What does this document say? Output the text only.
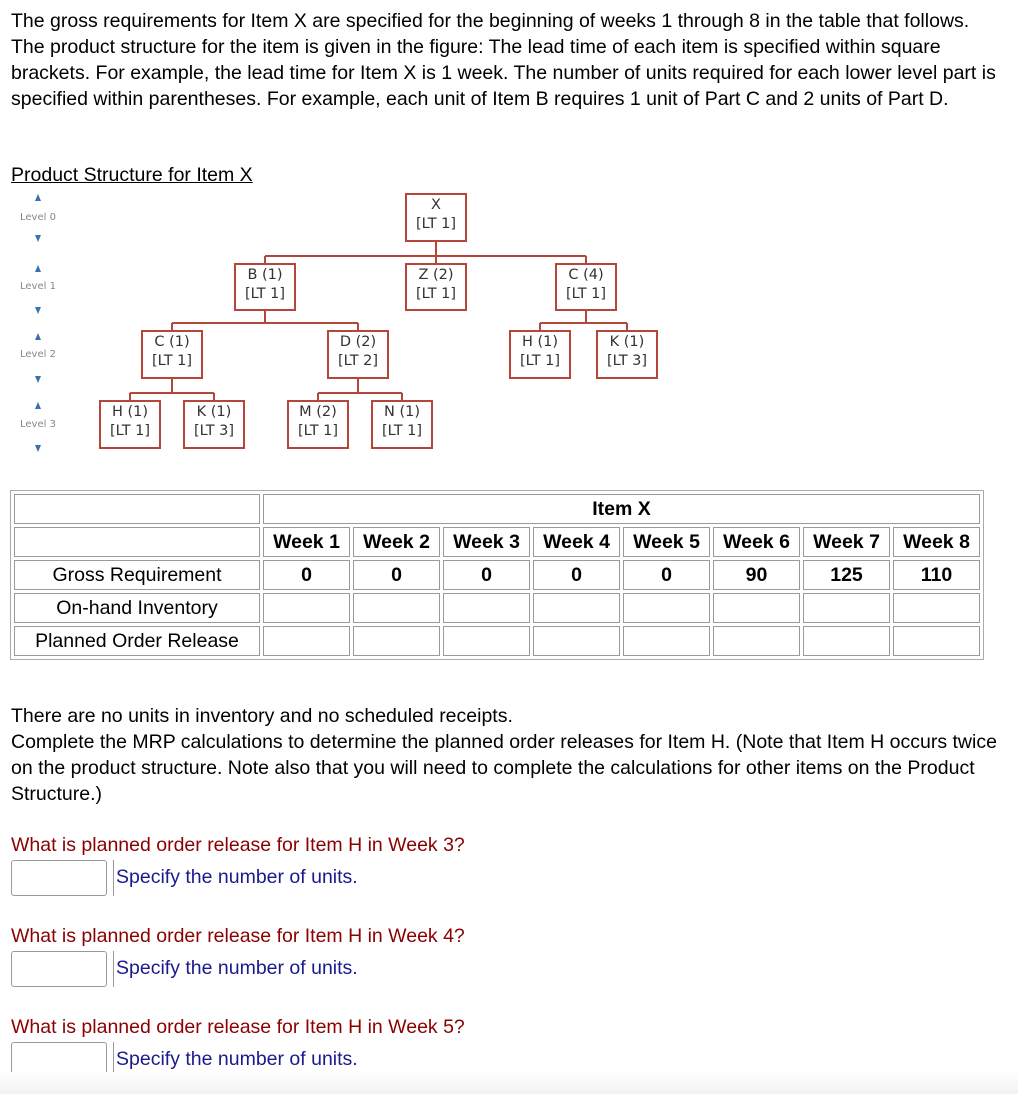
The gross requirements for Item X are specified for the beginning of weeks 1 through 8 in the table that follows. The product structure for the item is given in the figure: The lead time of each item is specified within square brackets. For example, the lead time for Item X is 1 week. The number of units required for each lower level part is specified within parentheses. For example, each unit of Item B requires 1 unit of Part C and 2 units of Part D.

Product Structure for Item X

Level 0
Level 1
Level 2
Level 3
X
[LT 1]
B (1)
[LT 1]
Z (2)
[LT 1]
C (4)
[LT 1]
C (1)
[LT 1]
D (2)
[LT 2]
H (1)
[LT 1]
K (1)
[LT 3]
H (1)
[LT 1]
K (1)
[LT 3]
M (2)
[LT 1]
N (1)
[LT 1]
	Item X							
	Week 1	Week 2	Week 3	Week 4	Week 5	Week 6	Week 7	Week 8
Gross Requirement	0	0	0	0	0	90	125	110
On-hand Inventory								
Planned Order Release								
There are no units in inventory and no scheduled receipts.
Complete the MRP calculations to determine the planned order releases for Item H. (Note that Item H occurs twice on the product structure. Note also that you will need to complete the calculations for other items on the Product Structure.)

What is planned order release for Item H in Week 3?

Specify the number of units.

What is planned order release for Item H in Week 4?

Specify the number of units.

What is planned order release for Item H in Week 5?

Specify the number of units.
